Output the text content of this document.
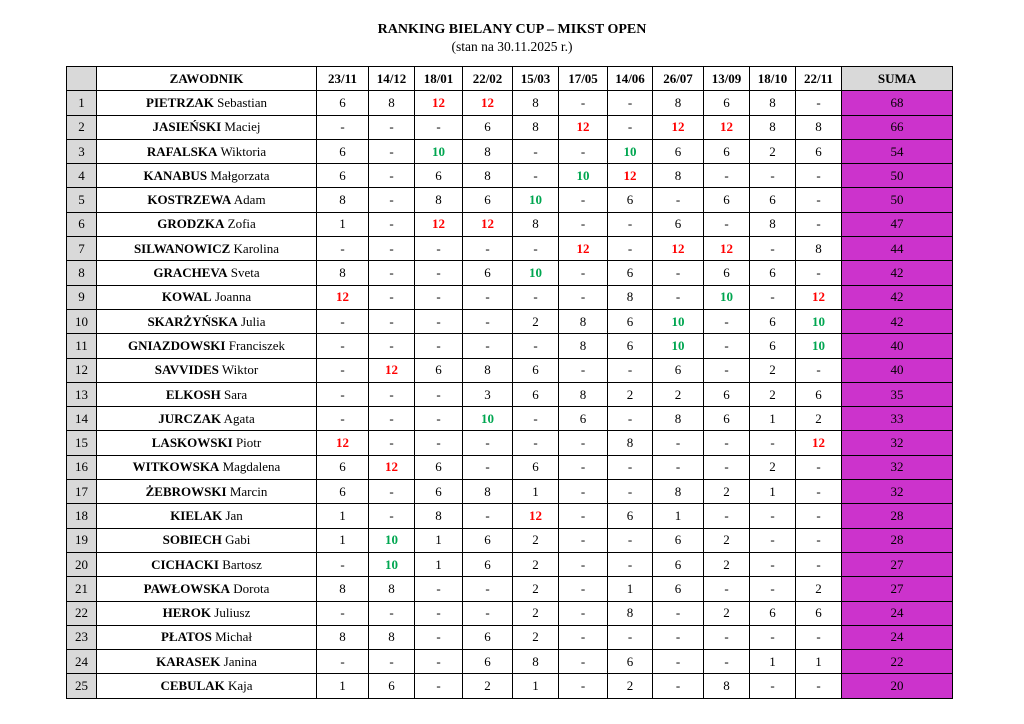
RANKING BIELANY CUP – MIKST OPEN
(stan na 30.11.2025 r.)
	ZAWODNIK	23/11	14/12	18/01	22/02	15/03	17/05	14/06	26/07	13/09	18/10	22/11	SUMA
1	PIETRZAK Sebastian	6	8	12	12	8	-	-	8	6	8	-	68
2	JASIEŃSKI Maciej	-	-	-	6	8	12	-	12	12	8	8	66
3	RAFALSKA Wiktoria	6	-	10	8	-	-	10	6	6	2	6	54
4	KANABUS Małgorzata	6	-	6	8	-	10	12	8	-	-	-	50
5	KOSTRZEWA Adam	8	-	8	6	10	-	6	-	6	6	-	50
6	GRODZKA Zofia	1	-	12	12	8	-	-	6	-	8	-	47
7	SILWANOWICZ Karolina	-	-	-	-	-	12	-	12	12	-	8	44
8	GRACHEVA Sveta	8	-	-	6	10	-	6	-	6	6	-	42
9	KOWAL Joanna	12	-	-	-	-	-	8	-	10	-	12	42
10	SKARŻYŃSKA Julia	-	-	-	-	2	8	6	10	-	6	10	42
11	GNIAZDOWSKI Franciszek	-	-	-	-	-	8	6	10	-	6	10	40
12	SAVVIDES Wiktor	-	12	6	8	6	-	-	6	-	2	-	40
13	ELKOSH Sara	-	-	-	3	6	8	2	2	6	2	6	35
14	JURCZAK Agata	-	-	-	10	-	6	-	8	6	1	2	33
15	LASKOWSKI Piotr	12	-	-	-	-	-	8	-	-	-	12	32
16	WITKOWSKA Magdalena	6	12	6	-	6	-	-	-	-	2	-	32
17	ŻEBROWSKI Marcin	6	-	6	8	1	-	-	8	2	1	-	32
18	KIELAK Jan	1	-	8	-	12	-	6	1	-	-	-	28
19	SOBIECH Gabi	1	10	1	6	2	-	-	6	2	-	-	28
20	CICHACKI Bartosz	-	10	1	6	2	-	-	6	2	-	-	27
21	PAWŁOWSKA Dorota	8	8	-	-	2	-	1	6	-	-	2	27
22	HEROK Juliusz	-	-	-	-	2	-	8	-	2	6	6	24
23	PŁATOS Michał	8	8	-	6	2	-	-	-	-	-	-	24
24	KARASEK Janina	-	-	-	6	8	-	6	-	-	1	1	22
25	CEBULAK Kaja	1	6	-	2	1	-	2	-	8	-	-	20
